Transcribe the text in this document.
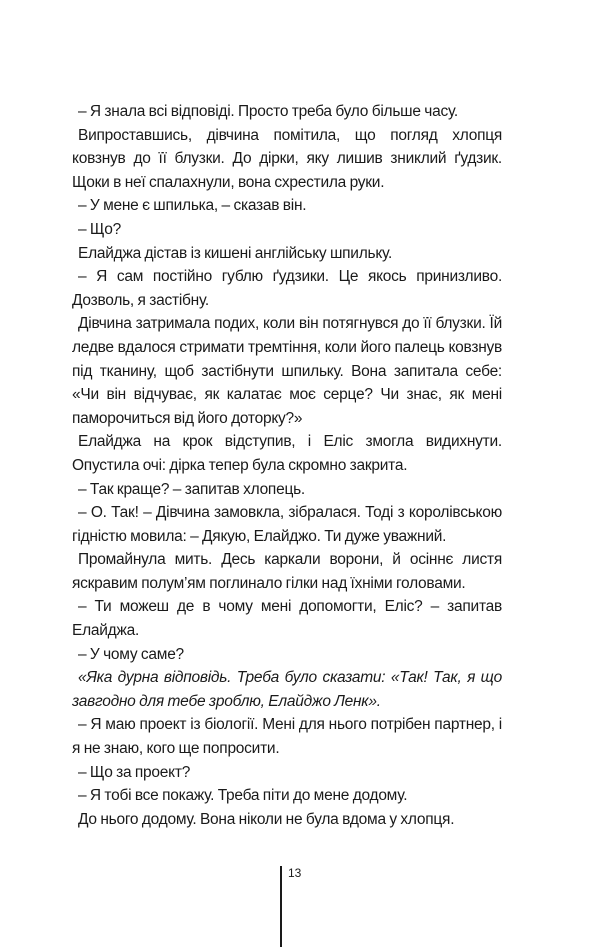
– Я знала всі відповіді. Просто треба було більше часу.

Випроставшись, дівчина помітила, що погляд хлопця ковзнув до її блузки. До дірки, яку лишив зниклий ґудзик. Щоки в неї спалахнули, вона схрестила руки.

– У мене є шпилька, – сказав він.

– Що?

Елайджа дістав із кишені англійську шпильку.

– Я сам постійно гублю ґудзики. Це якось принизливо. Дозволь, я застібну.

Дівчина затримала подих, коли він потягнувся до її блузки. Їй ледве вдалося стримати тремтіння, коли його палець ковзнув під тканину, щоб застібнути шпильку. Вона запитала себе: «Чи він відчуває, як калатає моє серце? Чи знає, як мені паморочиться від його доторку?»

Елайджа на крок відступив, і Еліс змогла видихнути. Опустила очі: дірка тепер була скромно закрита.

– Так краще? – запитав хлопець.

– О. Так! – Дівчина замовкла, зібралася. Тоді з королівською гідністю мовила: – Дякую, Елайджо. Ти дуже уважний.

Промайнула мить. Десь каркали ворони, й осіннє листя яскравим полум’ям поглинало гілки над їхніми головами.

– Ти можеш де в чому мені допомогти, Еліс? – запитав Елайджа.

– У чому саме?

«Яка дурна відповідь. Треба було сказати: «Так! Так, я що завгодно для тебе зроблю, Елайджо Ленк».

– Я маю проект із біології. Мені для нього потрібен партнер, і я не знаю, кого ще попросити.

– Що за проект?

– Я тобі все покажу. Треба піти до мене додому.

До нього додому. Вона ніколи не була вдома у хлопця.

13
